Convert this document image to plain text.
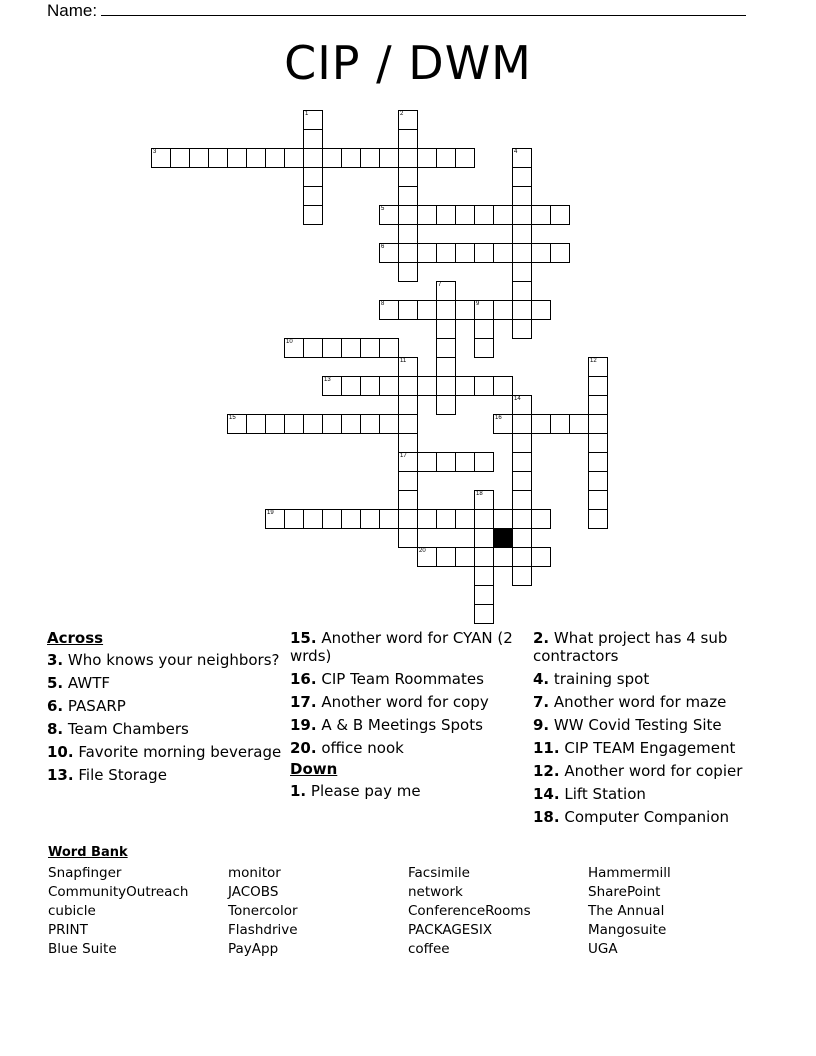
Name:
CIP / DWM
1	2
3	4
5
6
7
8	9
10
11
17
12
13
14
15	16
18
19
20
Across
3. Who knows your neighbors?
5. AWTF
6. PASARP
8. Team Chambers
10. Favorite morning beverage
13. File Storage
15. Another word for CYAN (2 wrds)
16. CIP Team Roommates
17. Another word for copy
19. A & B Meetings Spots
20. office nook
Down
1. Please pay me
2. What project has 4 sub contractors
4. training spot
7. Another word for maze
9. WW Covid Testing Site
11. CIP TEAM Engagement
12. Another word for copier
14. Lift Station
18. Computer Companion
Word Bank
Snapfinger
CommunityOutreach
cubicle
PRINT
Blue Suite
monitor
JACOBS
Tonercolor
Flashdrive
PayApp
Facsimile
network
ConferenceRooms
PACKAGESIX
coffee
Hammermill
SharePoint
The Annual
Mangosuite
UGA
